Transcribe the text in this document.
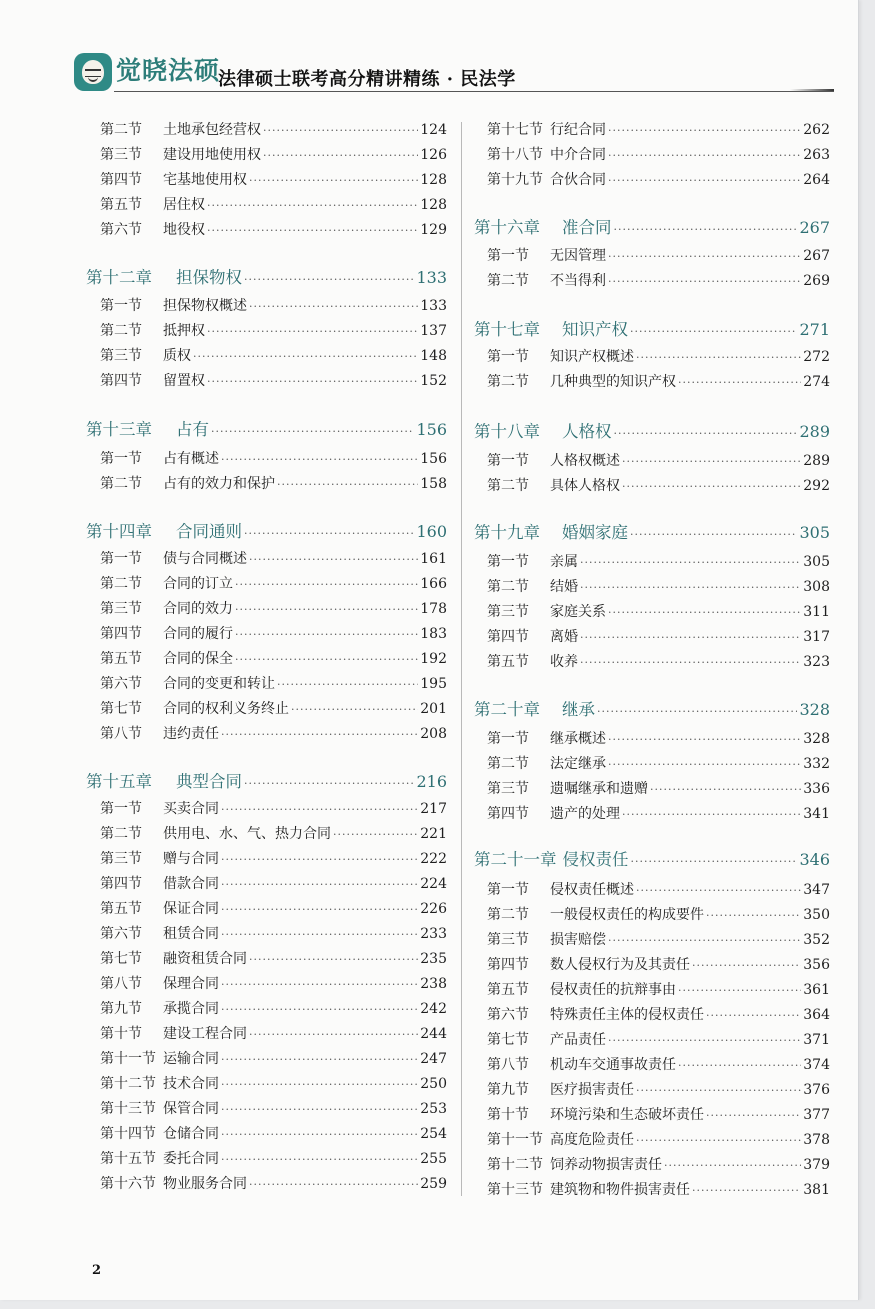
觉晓法硕
法律硕士联考高分精讲精练 · 民法学
第二节 土地承包经营权 ·····	124
第三节 建设用地使用权 ·····	126
第四节 宅基地使用权 ·····	128
第五节 居住权 ·····	128
第六节 地役权 ·····	129
第十二章 担保物权 ·····	133
第一节 担保物权概述 ·····	133
第二节 抵押权 ·····	137
第三节 质权 ·····	148
第四节 留置权 ·····	152
第十三章 占有 ·····	156
第一节 占有概述 ·····	156
第二节 占有的效力和保护 ·····	158
第十四章 合同通则 ·····	160
第一节 债与合同概述 ·····	161
第二节 合同的订立 ·····	166
第三节 合同的效力 ·····	178
第四节 合同的履行 ·····	183
第五节 合同的保全 ·····	192
第六节 合同的变更和转让 ·····	195
第七节 合同的权利义务终止 ·····	201
第八节 违约责任 ·····	208
第十五章 典型合同 ·····	216
第一节 买卖合同 ·····	217
第二节 供用电、水、气、热力合同 ·····	221
第三节 赠与合同 ·····	222
第四节 借款合同 ·····	224
第五节 保证合同 ·····	226
第六节 租赁合同 ·····	233
第七节 融资租赁合同 ·····	235
第八节 保理合同 ·····	238
第九节 承揽合同 ·····	242
第十节 建设工程合同 ·····	244
第十一节 运输合同 ·····	247
第十二节 技术合同 ·····	250
第十三节 保管合同 ·····	253
第十四节 仓储合同 ·····	254
第十五节 委托合同 ·····	255
第十六节 物业服务合同 ·····	259
第十七节 行纪合同 ·····	262
第十八节 中介合同 ·····	263
第十九节 合伙合同 ·····	264
第十六章 准合同 ·····	267
第一节 无因管理 ·····	267
第二节 不当得利 ·····	269
第十七章 知识产权 ·····	271
第一节 知识产权概述 ·····	272
第二节 几种典型的知识产权 ·····	274
第十八章 人格权 ·····	289
第一节 人格权概述 ·····	289
第二节 具体人格权 ·····	292
第十九章 婚姻家庭 ·····	305
第一节 亲属 ·····	305
第二节 结婚 ·····	308
第三节 家庭关系 ·····	311
第四节 离婚 ·····	317
第五节 收养 ·····	323
第二十章 继承 ·····	328
第一节 继承概述 ·····	328
第二节 法定继承 ·····	332
第三节 遗嘱继承和遗赠 ·····	336
第四节 遗产的处理 ·····	341
第二十一章 侵权责任 ·····	346
第一节 侵权责任概述 ·····	347
第二节 一般侵权责任的构成要件 ·····	350
第三节 损害赔偿 ·····	352
第四节 数人侵权行为及其责任 ·····	356
第五节 侵权责任的抗辩事由 ·····	361
第六节 特殊责任主体的侵权责任 ·····	364
第七节 产品责任 ·····	371
第八节 机动车交通事故责任 ·····	374
第九节 医疗损害责任 ·····	376
第十节 环境污染和生态破坏责任 ·····	377
第十一节 高度危险责任 ·····	378
第十二节 饲养动物损害责任 ·····	379
第十三节 建筑物和物件损害责任 ·····	381
2
